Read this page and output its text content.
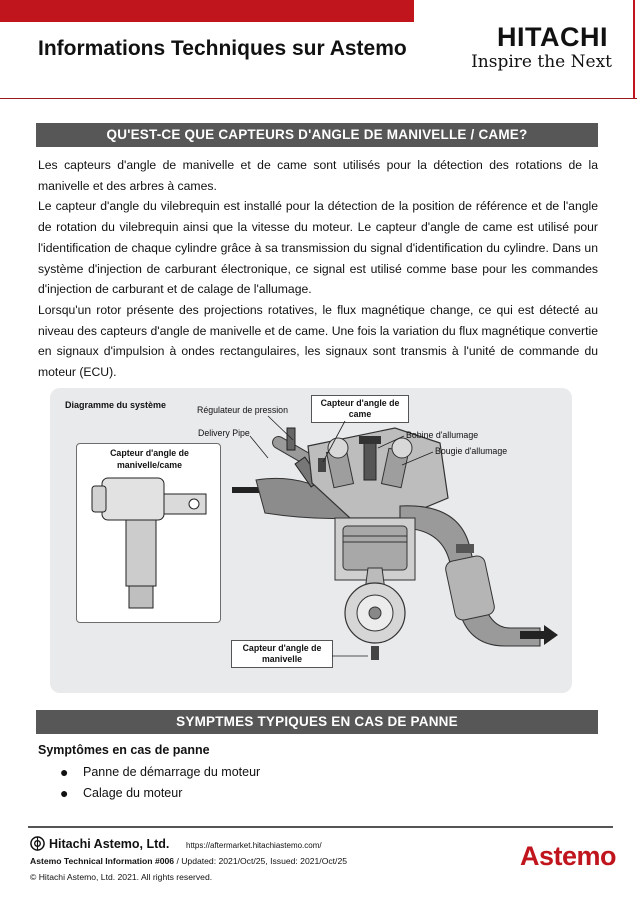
Informations Techniques sur Astemo	HITACHI
Inspire the Next
QU'EST-CE QUE CAPTEURS D'ANGLE DE MANIVELLE / CAME?

Les capteurs d'angle de manivelle et de came sont utilisés pour la détection des rotations de la manivelle et des arbres à cames.

Le capteur d'angle du vilebrequin est installé pour la détection de la position de référence et de l'angle de rotation du vilebrequin ainsi que la vitesse du moteur. Le capteur d'angle de came est utilisé pour l'identification de chaque cylindre grâce à sa transmission du signal d'identification du cylindre. Dans un système d'injection de carburant électronique, ce signal est utilisé comme base pour les commandes d'injection de carburant et de calage de l'allumage.

Lorsqu'un rotor présente des projections rotatives, le flux magnétique change, ce qui est détecté au niveau des capteurs d'angle de manivelle et de came. Une fois la variation du flux magnétique convertie en signaux d'impulsion à ondes rectangulaires, les signaux sont transmis à l'unité de commande du moteur (ECU).

Diagramme du système
Capteur d'angle de manivelle/came
Régulateur de pression
Delivery Pipe
Capteur d'angle de came
Bobine d'allumage
Bougie d'allumage
Capteur d'angle de manivelle
SYMPTMES TYPIQUES EN CAS DE PANNE
Symptômes en cas de panne
●	Panne de démarrage du moteur
●	Calage du moteur
Hitachi Astemo, Ltd. https://aftermarket.hitachiastemo.com/
Astemo Technical Information #006 / Updated: 2021/Oct/25, Issued: 2021/Oct/25
© Hitachi Astemo, Ltd. 2021. All rights reserved.
Astemo
